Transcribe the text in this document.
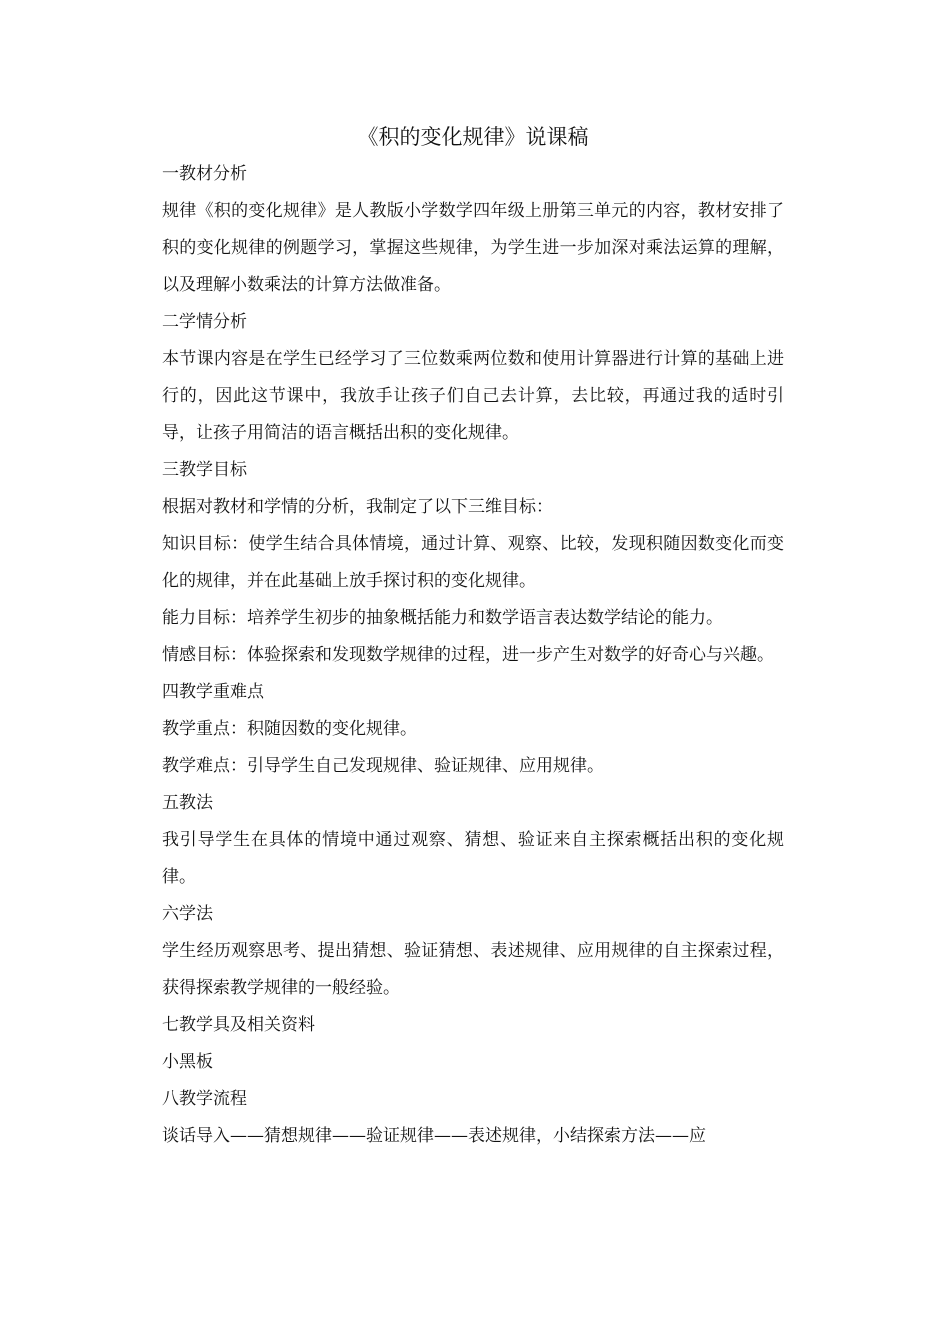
《积的变化规律》说课稿

一教材分析

规律《积的变化规律》是人教版小学数学四年级上册第三单元的内容，教材安排了积的变化规律的例题学习，掌握这些规律，为学生进一步加深对乘法运算的理解，以及理解小数乘法的计算方法做准备。

二学情分析

本节课内容是在学生已经学习了三位数乘两位数和使用计算器进行计算的基础上进行的，因此这节课中，我放手让孩子们自己去计算，去比较，再通过我的适时引导，让孩子用简洁的语言概括出积的变化规律。

三教学目标

根据对教材和学情的分析，我制定了以下三维目标：

知识目标：使学生结合具体情境，通过计算、观察、比较，发现积随因数变化而变化的规律，并在此基础上放手探讨积的变化规律。

能力目标：培养学生初步的抽象概括能力和数学语言表达数学结论的能力。

情感目标：体验探索和发现数学规律的过程，进一步产生对数学的好奇心与兴趣。

四教学重难点

教学重点：积随因数的变化规律。

教学难点：引导学生自己发现规律、验证规律、应用规律。

五教法

我引导学生在具体的情境中通过观察、猜想、验证来自主探索概括出积的变化规律。

六学法

学生经历观察思考、提出猜想、验证猜想、表述规律、应用规律的自主探索过程，获得探索教学规律的一般经验。

七教学具及相关资料

小黑板

八教学流程

谈话导入——猜想规律——验证规律——表述规律，小结探索方法——应
